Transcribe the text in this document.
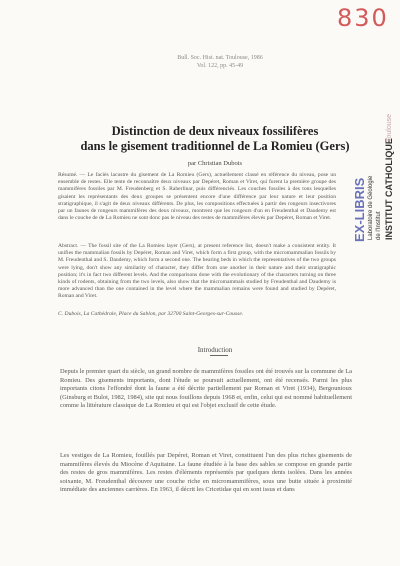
830
Bull. Soc. Hist. nat. Toulouse, 1986
Vol. 122, pp. 45-49
EX-LIBRIS Laboratoire de Géologie de l'Institut INSTITUT CATHOLIQUE
Toulouse
Distinction de deux niveaux fossilifères
dans le gisement traditionnel de La Romieu (Gers)
par Christian Dubois
Résumé. — Le faciès lacustre du gisement de La Romieu (Gers), actuellement classé en référence du niveau, pose un ensemble de restes. Elle tente de reconnaître deux niveaux par Depéret, Roman et Viret, qui furent la première groupe des mammifères fossiles par M. Freudenberg et S. Raherlinar, puis différenciés. Les couches fossiles à des tons lesquelles gisaient les représentants des deux groupes se présentent encore d'une différence par leur nature et leur position stratigraphique, il s'agit de deux niveaux différents. De plus, les compositions effectuées à partir des rongeurs insectivores par un faunes de rongeurs mammifères des deux niveaux, montrent que les rongeurs d'un en Freudenthal et Daudemy est dans le couche de de La Romieu ne sont donc pas le niveau des restes de mammifères élevés par Depéret, Roman et Viret.
Abstract. — The fossil site of the La Romieu layer (Gers), at present reference list, doesn't make a consistent entity. It unifies the mammalian fossils by Depéret, Roman and Viret, which form a first group, with the micromammalian fossils by M. Freudenthal and S. Daudemy, which form a second one. The bearing beds in which the representatives of the two groups were lying, don't show any similarity of character, they differ from one another in their nature and their stratigraphic position; it's in fact two different levels. And the comparisons done with the evolutionary of the characters turning on three kinds of rodents, obtaining from the two levels, also show that the micromammals studied by Freudenthal and Daudemy is more advanced than the one contained in the level where the mammalian remains were found and studied by Depéret, Roman and Viret.
C. Dubois, La Cathédrale, Place du Sablon, par 32700 Saint-Georges-sur-Cousse.
Introduction
Depuis le premier quart du siècle, un grand nombre de mammifères fossiles ont été trouvés sur la commune de La Romieu. Des gisements importants, dont l'étude se poursuit actuellement, ont été recensés. Parmi les plus importants citons l'effondré dont la faune a été décrite partiellement par Roman et Viret (1934), Bergounioux (Ginsburg et Bulot, 1982, 1984), site qui nous fouillons depuis 1968 et, enfin, celui qui est nommé habituellement comme la littérature classique de La Romieu et qui est l'objet exclusif de cette étude.
Les vestiges de La Romieu, fouillés par Depéret, Roman et Viret, constituent l'un des plus riches gisements de mammifères élevés du Miocène d'Aquitaine. La faune étudiée à la base des sables se compose en grande partie des restes de gros mammifères. Les restes d'éléments représentés par quelques dents isolées. Dans les années soixante, M. Freudenthal découvre une couche riche en micromammifères, sous une butte située à proximité immédiate des anciennes carrières. En 1963, il décrit les Cricetidae qui en sont issus et dans
